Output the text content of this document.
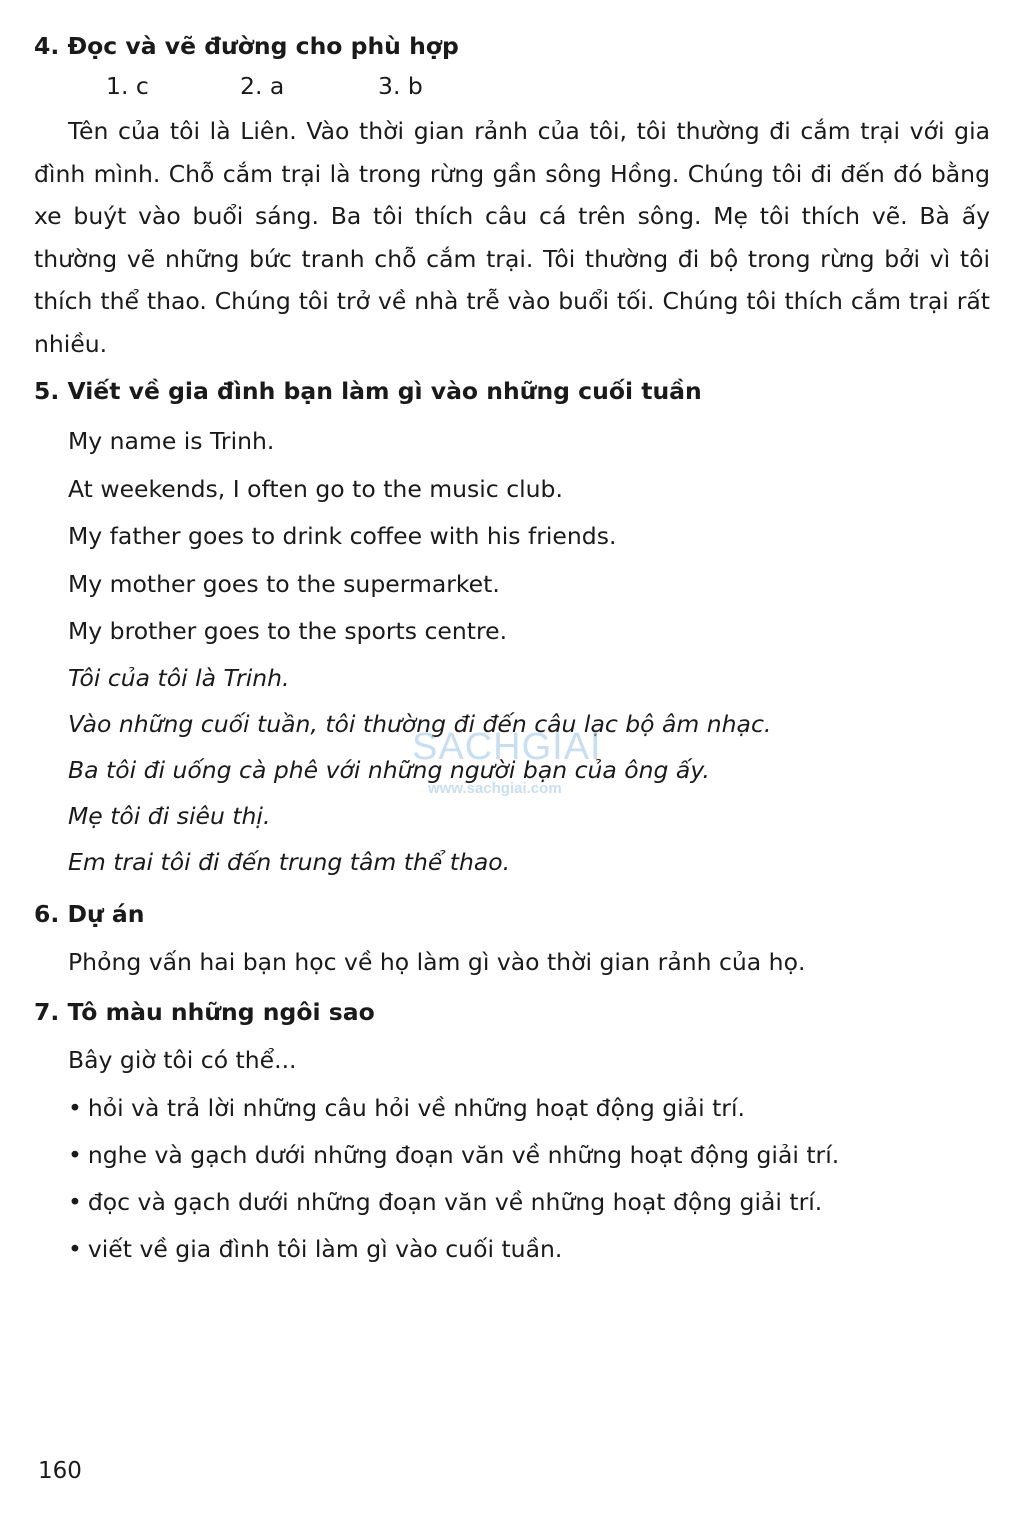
4. Đọc và vẽ đường cho phù hợp
1. c	2. a	3. b
Tên của tôi là Liên. Vào thời gian rảnh của tôi, tôi thường đi cắm trại với gia đình mình. Chỗ cắm trại là trong rừng gần sông Hồng. Chúng tôi đi đến đó bằng xe buýt vào buổi sáng. Ba tôi thích câu cá trên sông. Mẹ tôi thích vẽ. Bà ấy thường vẽ những bức tranh chỗ cắm trại. Tôi thường đi bộ trong rừng bởi vì tôi thích thể thao. Chúng tôi trở về nhà trễ vào buổi tối. Chúng tôi thích cắm trại rất nhiều.
5. Viết về gia đình bạn làm gì vào những cuối tuần
My name is Trinh.
At weekends, I often go to the music club.
My father goes to drink coffee with his friends.
My mother goes to the supermarket.
My brother goes to the sports centre.
Tôi của tôi là Trinh.
Vào những cuối tuần, tôi thường đi đến câu lạc bộ âm nhạc.
Ba tôi đi uống cà phê với những người bạn của ông ấy.
Mẹ tôi đi siêu thị.
Em trai tôi đi đến trung tâm thể thao.
6. Dự án
Phỏng vấn hai bạn học về họ làm gì vào thời gian rảnh của họ.
7. Tô màu những ngôi sao
Bây giờ tôi có thể...
• hỏi và trả lời những câu hỏi về những hoạt động giải trí.
• nghe và gạch dưới những đoạn văn về những hoạt động giải trí.
• đọc và gạch dưới những đoạn văn về những hoạt động giải trí.
• viết về gia đình tôi làm gì vào cuối tuần.
SACHGIAI
www.sachgiai.com
160
